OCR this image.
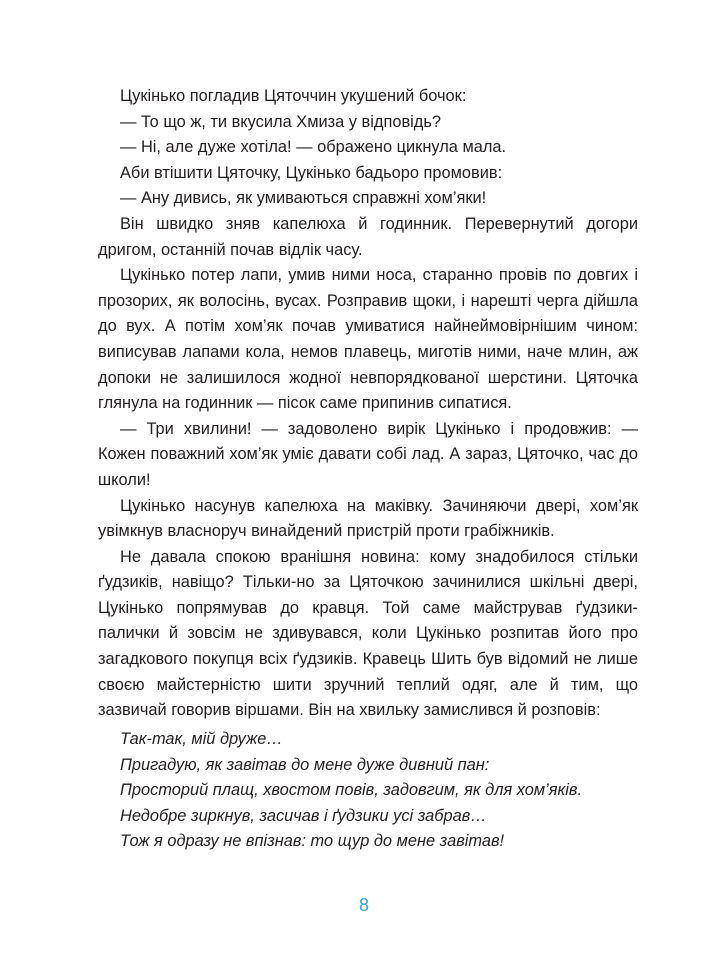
Цукінько погладив Цяточчин укушений бочок:

— То що ж, ти вкусила Хмиза у відповідь?

— Ні, але дуже хотіла! — ображено цикнула мала.

Аби втішити Цяточку, Цукінько бадьоро промовив:

— Ану дивись, як умиваються справжні хом’яки!

Він швидко зняв капелюха й годинник. Перевернутий догори дригом, останній почав відлік часу.

Цукінько потер лапи, умив ними носа, старанно провів по довгих і прозорих, як волосінь, вусах. Розправив щоки, і нарешті черга дійшла до вух. А потім хом’як почав умиватися найнеймовірнішим чином: виписував лапами кола, немов плавець, миготів ними, наче млин, аж допоки не залишилося жодної невпорядкованої шерстини. Цяточка глянула на годинник — пісок саме припинив сипатися.

— Три хвилини! — задоволено вирік Цукінько і продовжив: — Кожен поважний хом’як уміє давати собі лад. А зараз, Цяточко, час до школи!

Цукінько насунув капелюха на маківку. Зачиняючи двері, хом’як увімкнув власноруч винайдений пристрій проти грабіжників.

Не давала спокою вранішня новина: кому знадобилося стільки ґудзиків, навіщо? Тільки-но за Цяточкою зачинилися шкільні двері, Цукінько попрямував до кравця. Той саме майстрував ґудзики-палички й зовсім не здивувався, коли Цукінько розпитав його про загадкового покупця всіх ґудзиків. Кравець Шить був відомий не лише своєю майстерністю шити зручний теплий одяг, але й тим, що зазвичай говорив віршами. Він на хвильку замислився й розповів:

Так-так, мій друже…

Пригадую, як завітав до мене дуже дивний пан:

Просторий плащ, хвостом повів, задовгим, як для хом’яків.

Недобре зиркнув, засичав і ґудзики усі забрав…

Тож я одразу не впізнав: то щур до мене завітав!

8
